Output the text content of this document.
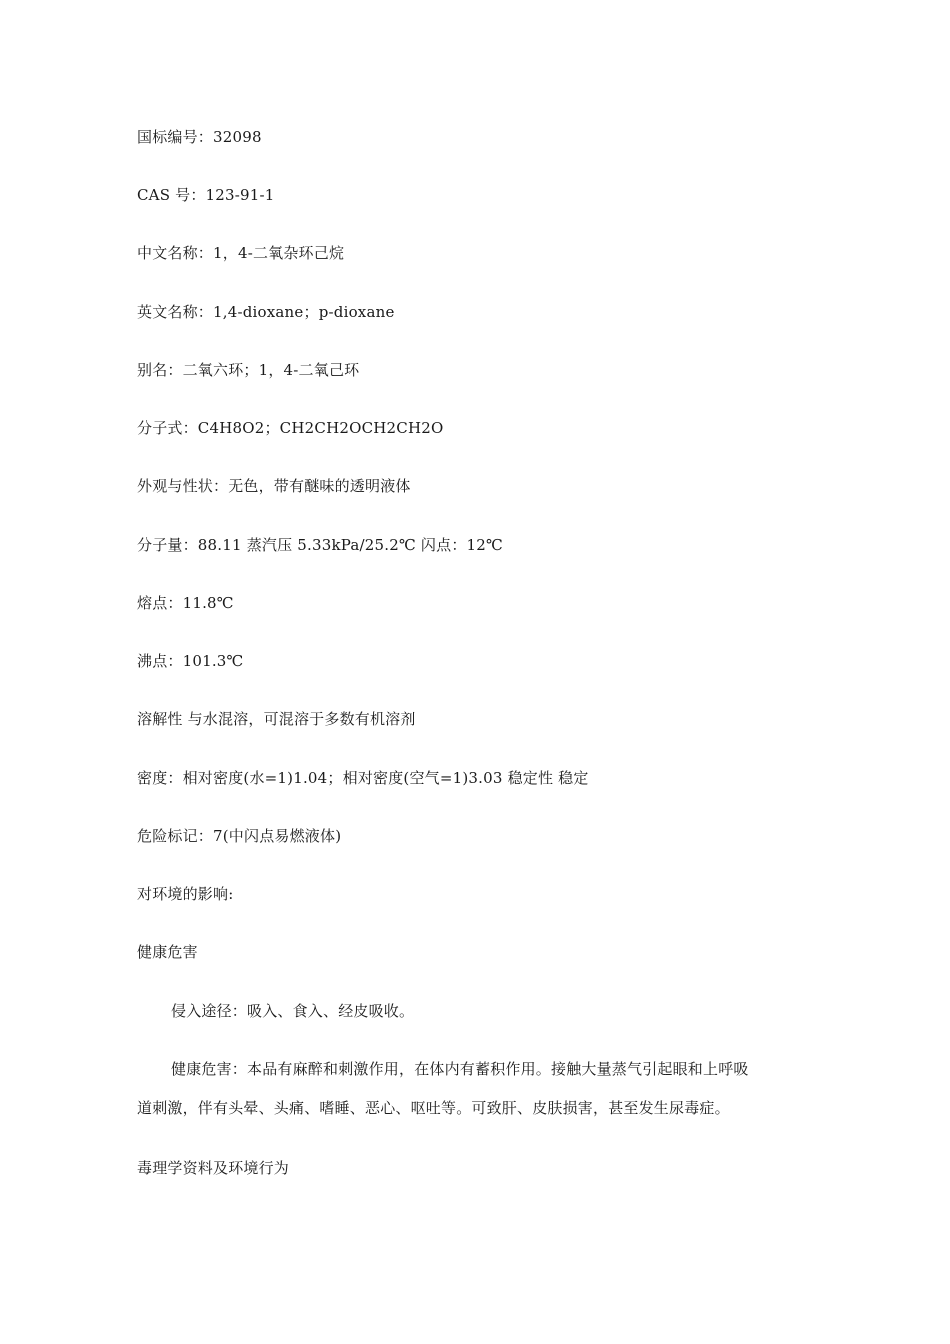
国标编号：32098
CAS 号：123-91-1
中文名称：1，4-二氧杂环己烷
英文名称：1,4-dioxane；p-dioxane
别名：二氧六环；1，4-二氧己环
分子式：C4H8O2；CH2CH2OCH2CH2O
外观与性状：无色，带有醚味的透明液体
分子量：88.11 蒸汽压 5.33kPa/25.2℃ 闪点：12℃
熔点：11.8℃
沸点：101.3℃
溶解性 与水混溶，可混溶于多数有机溶剂
密度：相对密度(水=1)1.04；相对密度(空气=1)3.03 稳定性 稳定
危险标记：7(中闪点易燃液体)
对环境的影响:
健康危害
侵入途径：吸入、食入、经皮吸收。
健康危害：本品有麻醉和刺激作用，在体内有蓄积作用。接触大量蒸气引起眼和上呼吸
道刺激，伴有头晕、头痛、嗜睡、恶心、呕吐等。可致肝、皮肤损害，甚至发生尿毒症。
毒理学资料及环境行为
